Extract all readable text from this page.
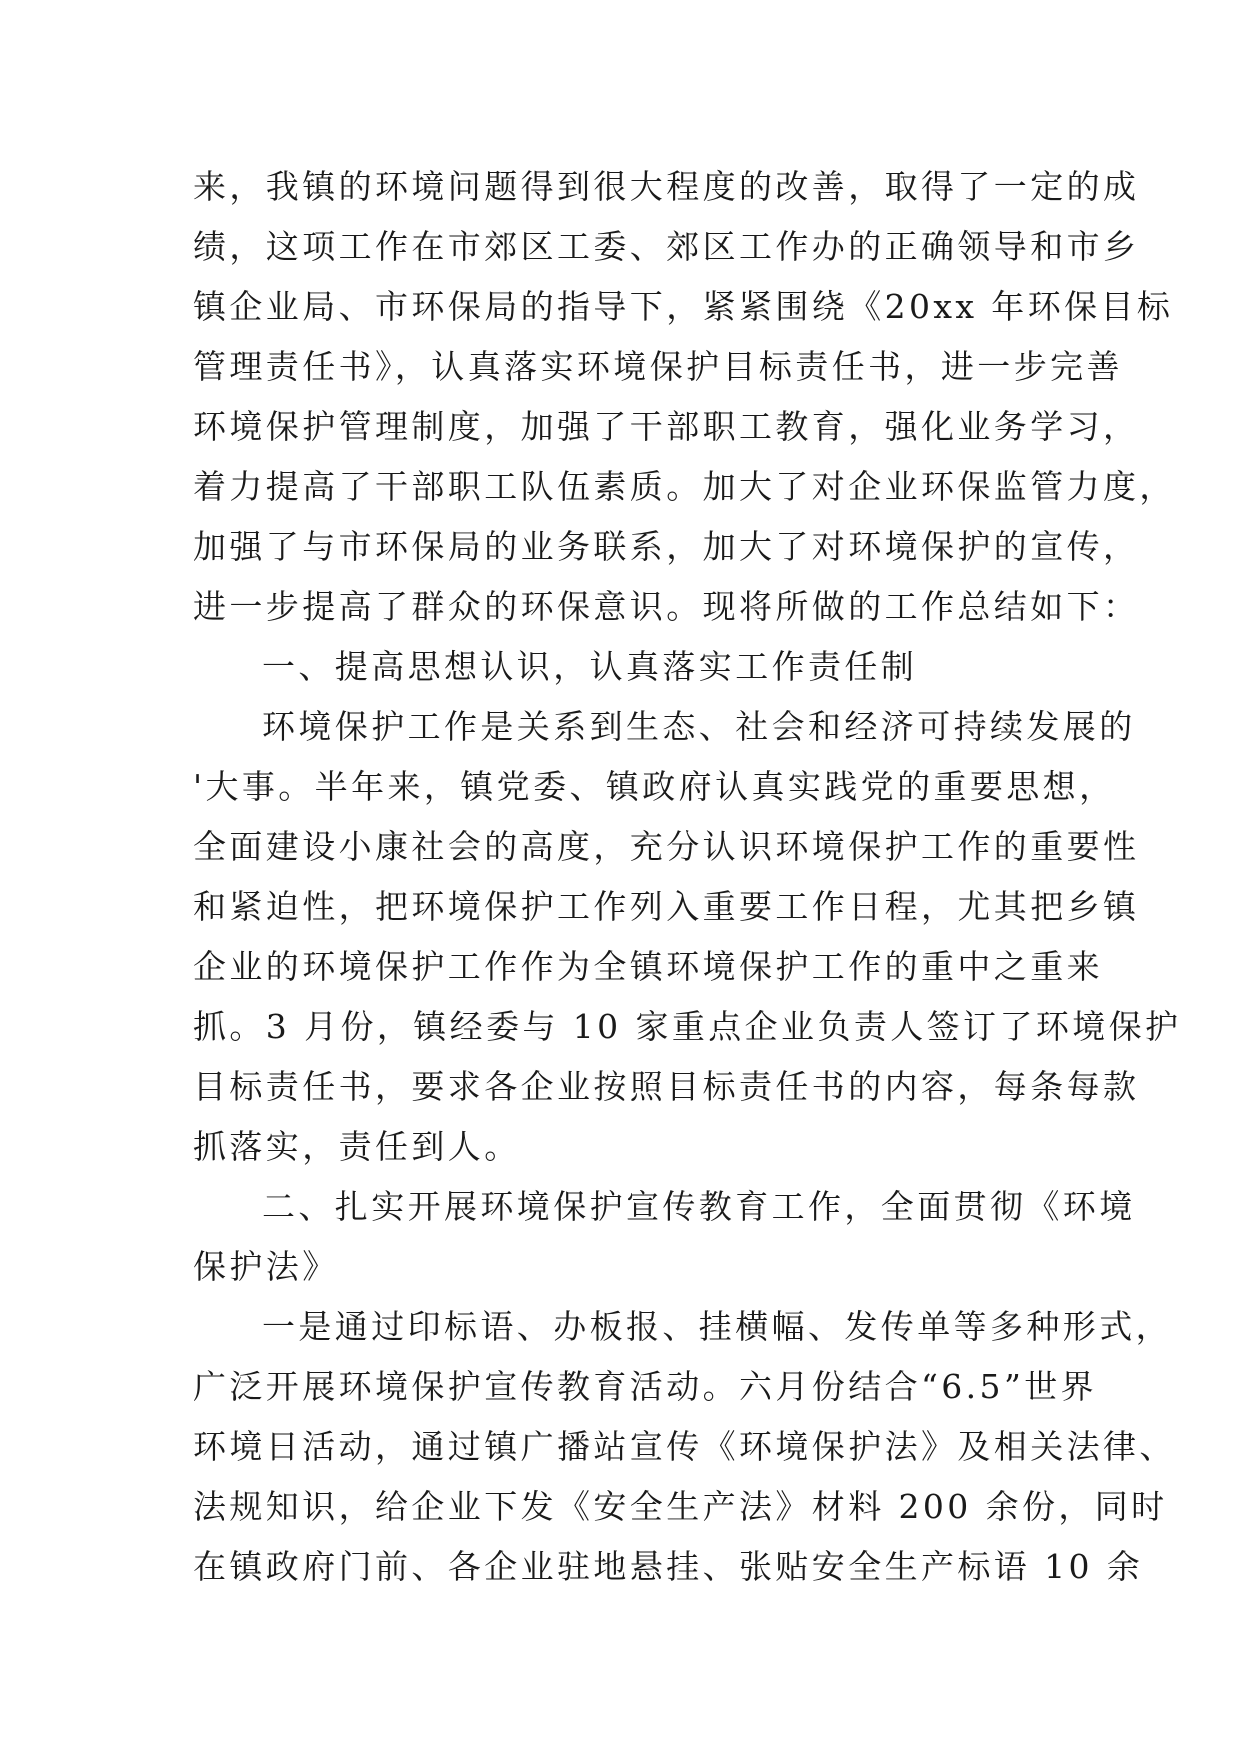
来，我镇的环境问题得到很大程度的改善，取得了一定的成
绩，这项工作在市郊区工委、郊区工作办的正确领导和市乡
镇企业局、市环保局的指导下，紧紧围绕《20xx 年环保目标
管理责任书》，认真落实环境保护目标责任书，进一步完善
环境保护管理制度，加强了干部职工教育，强化业务学习，
着力提高了干部职工队伍素质。加大了对企业环保监管力度，
加强了与市环保局的业务联系，加大了对环境保护的宣传，
进一步提高了群众的环保意识。现将所做的工作总结如下：
一、提高思想认识，认真落实工作责任制
环境保护工作是关系到生态、社会和经济可持续发展的
'大事。半年来，镇党委、镇政府认真实践党的重要思想，
全面建设小康社会的高度，充分认识环境保护工作的重要性
和紧迫性，把环境保护工作列入重要工作日程，尤其把乡镇
企业的环境保护工作作为全镇环境保护工作的重中之重来
抓。3 月份，镇经委与 10 家重点企业负责人签订了环境保护
目标责任书，要求各企业按照目标责任书的内容，每条每款
抓落实，责任到人。
二、扎实开展环境保护宣传教育工作，全面贯彻《环境
保护法》
一是通过印标语、办板报、挂横幅、发传单等多种形式，
广泛开展环境保护宣传教育活动。六月份结合“6.5”世界
环境日活动，通过镇广播站宣传《环境保护法》及相关法律、
法规知识，给企业下发《安全生产法》材料 200 余份，同时
在镇政府门前、各企业驻地悬挂、张贴安全生产标语 10 余
